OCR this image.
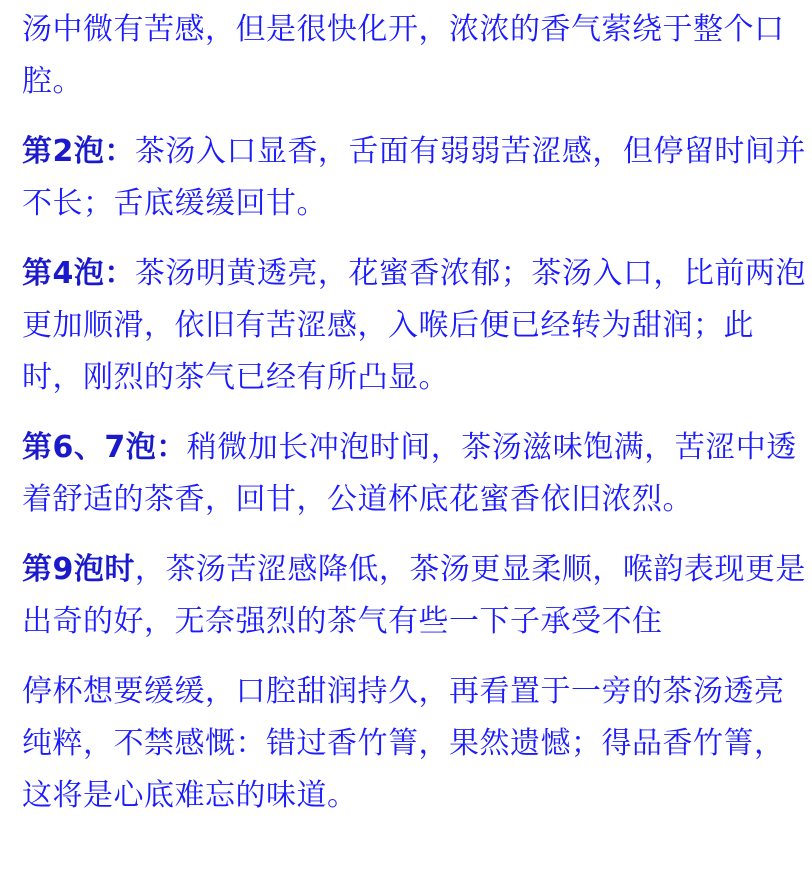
汤中微有苦感，但是很快化开，浓浓的香气萦绕于整个口腔。

第2泡：茶汤入口显香，舌面有弱弱苦涩感，但停留时间并不长；舌底缓缓回甘。

第4泡：茶汤明黄透亮，花蜜香浓郁；茶汤入口，比前两泡更加顺滑，依旧有苦涩感，入喉后便已经转为甜润；此时，刚烈的茶气已经有所凸显。

第6、7泡：稍微加长冲泡时间，茶汤滋味饱满，苦涩中透着舒适的茶香，回甘，公道杯底花蜜香依旧浓烈。

第9泡时，茶汤苦涩感降低，茶汤更显柔顺，喉韵表现更是出奇的好，无奈强烈的茶气有些一下子承受不住

停杯想要缓缓，口腔甜润持久，再看置于一旁的茶汤透亮纯粹，不禁感慨：错过香竹箐，果然遗憾；得品香竹箐，这将是心底难忘的味道。
